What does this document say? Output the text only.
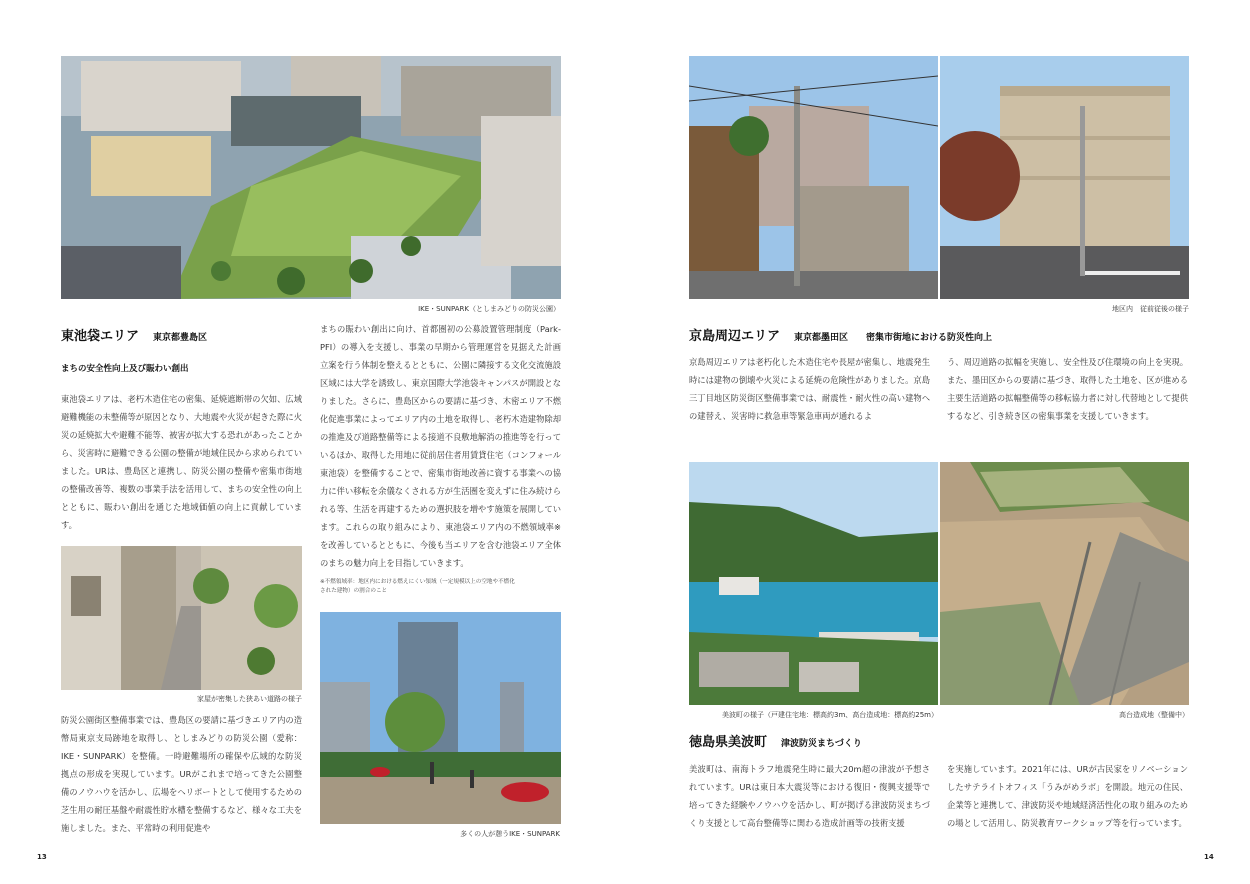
IKE・SUNPARK（としまみどりの防災公園）
東池袋エリア 東京都豊島区
まちの安全性向上及び賑わい創出

東池袋エリアは、老朽木造住宅の密集、延焼遮断帯の欠如、広域避難機能の未整備等が原因となり、大地震や火災が起きた際に火災の延焼拡大や避難不能等、被害が拡大する恐れがあったことから、災害時に避難できる公園の整備が地域住民から求められていました。URは、豊島区と連携し、防災公園の整備や密集市街地の整備改善等、複数の事業手法を活用して、まちの安全性の向上とともに、賑わい創出を通じた地域価値の向上に貢献しています。

家屋が密集した狭あい道路の様子

防災公園街区整備事業では、豊島区の要請に基づきエリア内の造幣局東京支局跡地を取得し、としまみどりの防災公園（愛称：IKE・SUNPARK）を整備。一時避難場所の確保や広域的な防災拠点の形成を実現しています。URがこれまで培ってきた公園整備のノウハウを活かし、広場をヘリポートとして使用するための芝生用の耐圧基盤や耐震性貯水槽を整備するなど、様々な工夫を施しました。また、平常時の利用促進や

まちの賑わい創出に向け、首都圏初の公募設置管理制度（Park-PFI）の導入を支援し、事業の早期から管理運営を見据えた計画立案を行う体制を整えるとともに、公園に隣接する文化交流施設区域には大学を誘致し、東京国際大学池袋キャンパスが開設となりました。さらに、豊島区からの要請に基づき、木密エリア不燃化促進事業によってエリア内の土地を取得し、老朽木造建物除却の推進及び道路整備等による接道不良敷地解消の推進等を行っているほか、取得した用地に従前居住者用賃貸住宅（コンフォール東池袋）を整備することで、密集市街地改善に資する事業への協力に伴い移転を余儀なくされる方が生活圏を変えずに住み続けられる等、生活を再建するための選択肢を増やす施策を展開しています。これらの取り組みにより、東池袋エリア内の不燃領域率※を改善しているとともに、今後も当エリアを含む池袋エリア全体のまちの魅力向上を目指していきます。

※不燃領域率：地区内における燃えにくい領域（一定規模以上の空地や不燃化された建物）の割合のこと
多くの人が憩うIKE・SUNPARK
13
地区内　従前従後の様子
京島周辺エリア 東京都墨田区 密集市街地における防災性向上

京島周辺エリアは老朽化した木造住宅や長屋が密集し、地震発生時には建物の倒壊や火災による延焼の危険性がありました。京島三丁目地区防災街区整備事業では、耐震性・耐火性の高い建物への建替え、災害時に救急車等緊急車両が通れるよ

う、周辺道路の拡幅を実施し、安全性及び住環境の向上を実現。また、墨田区からの要請に基づき、取得した土地を、区が進める主要生活道路の拡幅整備等の移転協力者に対し代替地として提供するなど、引き続き区の密集事業を支援していきます。

美波町の様子（戸建住宅地：標高約3m、高台造成地：標高約25m）	高台造成地（整備中）
徳島県美波町 津波防災まちづくり

美波町は、南海トラフ地震発生時に最大20m超の津波が予想されています。URは東日本大震災等における復旧・復興支援等で培ってきた経験やノウハウを活かし、町が掲げる津波防災まちづくり支援として高台整備等に関わる造成計画等の技術支援

を実施しています。2021年には、URが古民家をリノベーションしたサテライトオフィス「うみがめラボ」を開設。地元の住民、企業等と連携して、津波防災や地域経済活性化の取り組みのための場として活用し、防災教育ワークショップ等を行っています。

14
